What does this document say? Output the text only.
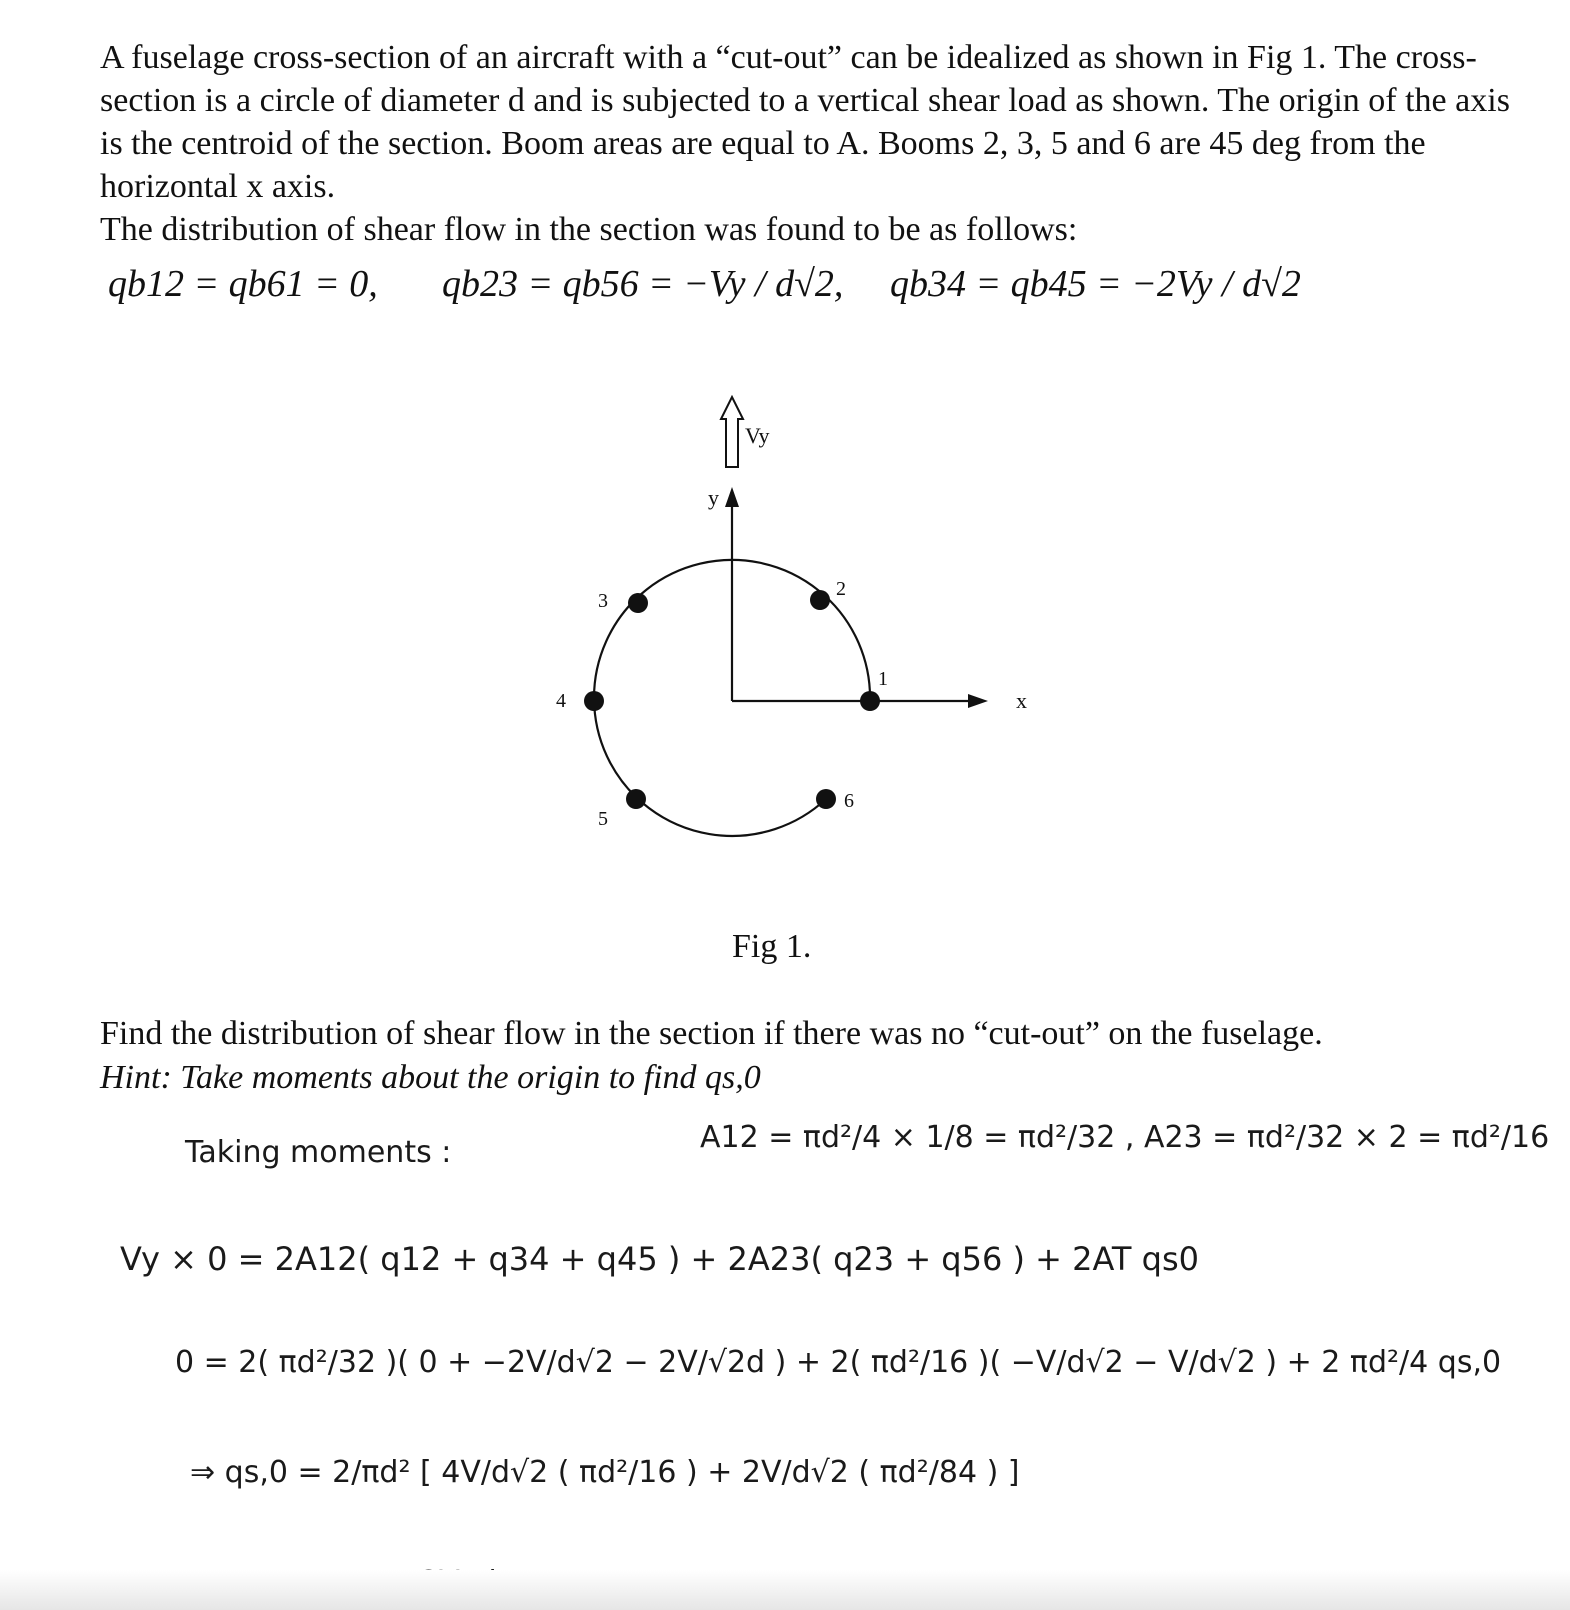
A fuselage cross-section of an aircraft with a “cut-out” can be idealized as shown in Fig 1. The cross-section is a circle of diameter d and is subjected to a vertical shear load as shown. The origin of the axis is the centroid of the section. Boom areas are equal to A. Booms 2, 3, 5 and 6 are 45 deg from the horizontal x axis.

The distribution of shear flow in the section was found to be as follows:

qb12 = qb61 = 0, qb23 = qb56 = −Vy / d√2, qb34 = qb45 = −2Vy / d√2
Vy
y
x
1
2
3
4
5
6
Fig 1.

Find the distribution of shear flow in the section if there was no “cut-out” on the fuselage.

Hint: Take moments about the origin to find qs,0

Taking moments :	A12 = πd²/4 × 1/8 = πd²/32 , A23 = πd²/32 × 2 = πd²/16
Vy × 0 = 2A12( q12 + q34 + q45 ) + 2A23( q23 + q56 ) + 2AT qs0
0 = 2( πd²/32 )( 0 + −2V/d√2 − 2V/√2d ) + 2( πd²/16 )( −V/d√2 − V/d√2 ) + 2 πd²/4 qs,0
⇒ qs,0 = 2/πd² [ 4V/d√2 ( πd²/16 ) + 2V/d√2 ( πd²/84 ) ]
